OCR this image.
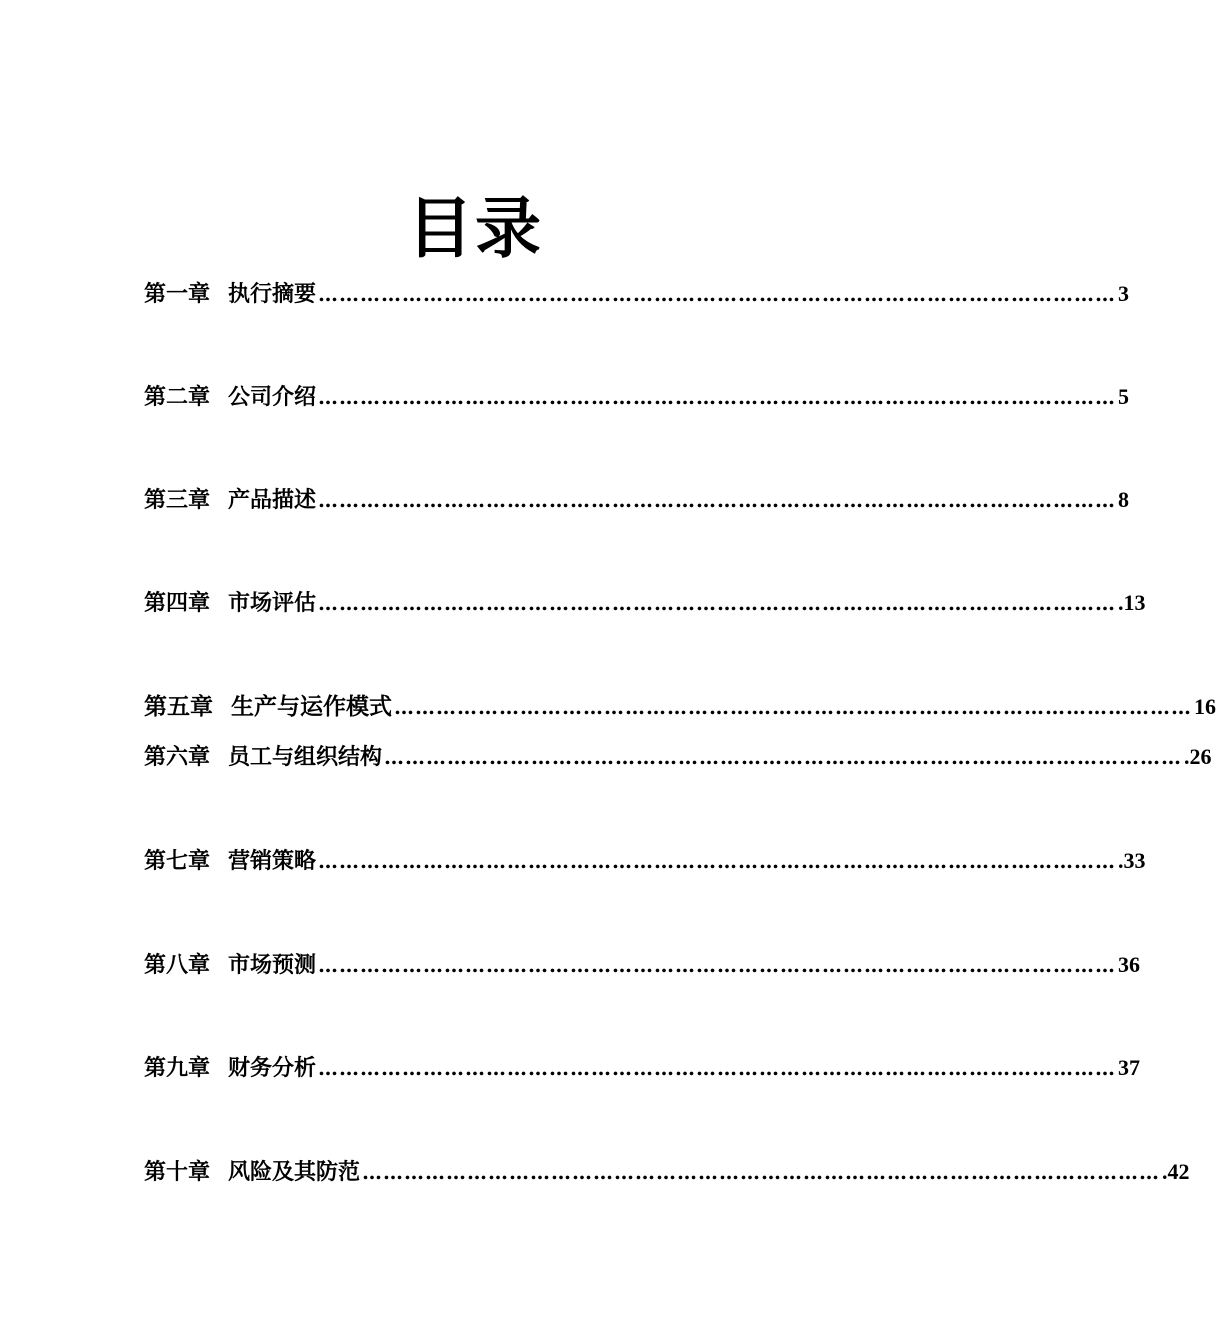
目录
第一章 执行摘要 …………………………………………………………………………………………………… 3
第二章 公司介绍 …………………………………………………………………………………………………… 5
第三章 产品描述 …………………………………………………………………………………………………… 8
第四章 市场评估 …………………………………………………………………………………………………… .13
第五章 生产与运作模式 …………………………………………………………………………………………………… 16
第六章 员工与组织结构 …………………………………………………………………………………………………… .26
第七章 营销策略 …………………………………………………………………………………………………… .33
第八章 市场预测 …………………………………………………………………………………………………… 36
第九章 财务分析 …………………………………………………………………………………………………… 37
第十章 风险及其防范 …………………………………………………………………………………………………… .42
